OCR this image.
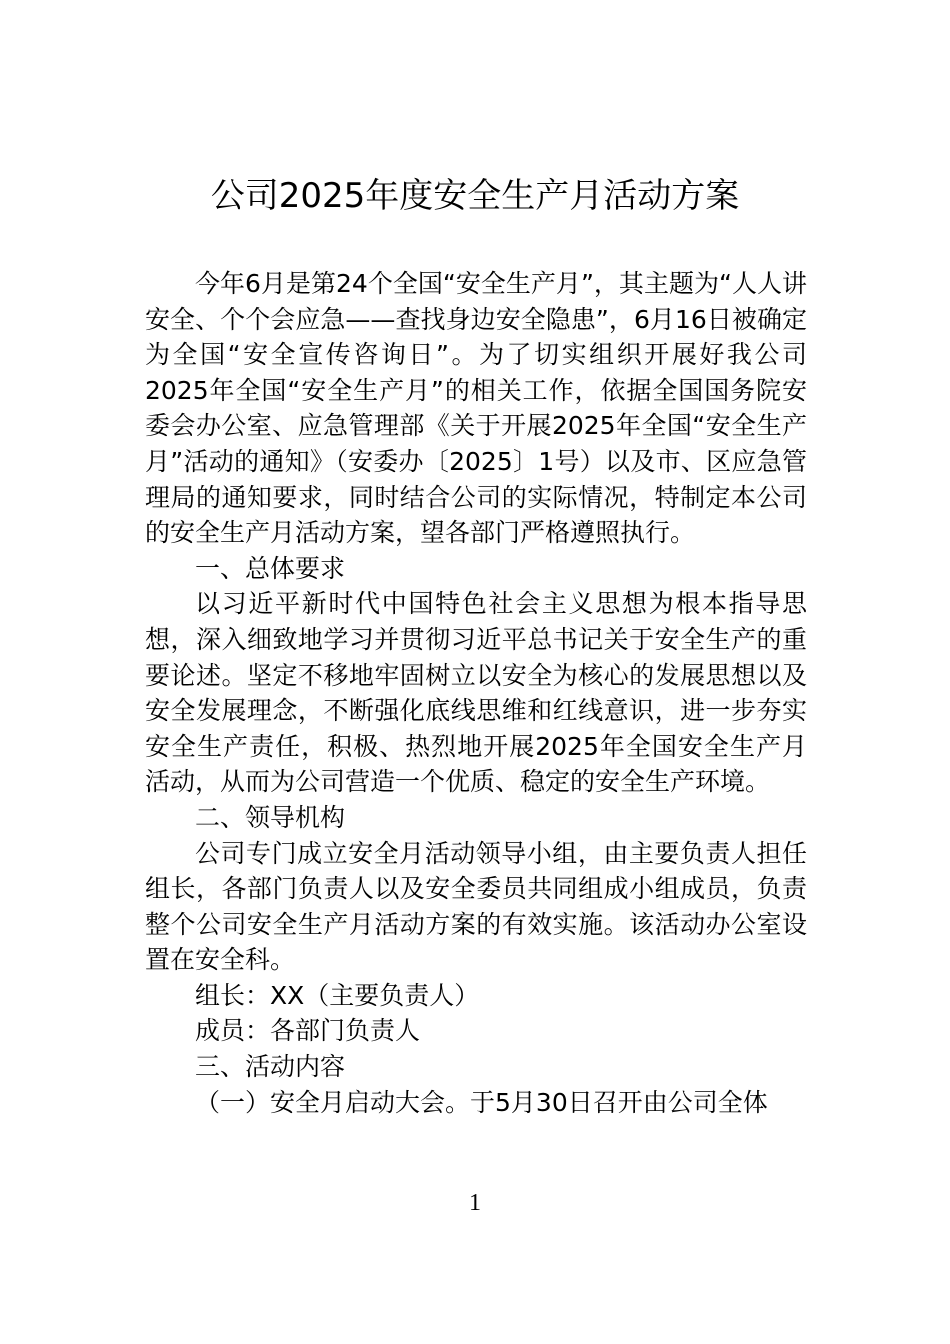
公司2025年度安全生产月活动方案

今年6月是第24个全国“安全生产月”，其主题为“人人讲安全、个个会应急——查找身边安全隐患”，6月16日被确定为全国“安全宣传咨询日”。为了切实组织开展好我公司2025年全国“安全生产月”的相关工作，依据全国国务院安委会办公室、应急管理部《关于开展2025年全国“安全生产月”活动的通知》（安委办〔2025〕1号）以及市、区应急管理局的通知要求，同时结合公司的实际情况，特制定本公司的安全生产月活动方案，望各部门严格遵照执行。

一、总体要求

以习近平新时代中国特色社会主义思想为根本指导思想，深入细致地学习并贯彻习近平总书记关于安全生产的重要论述。坚定不移地牢固树立以安全为核心的发展思想以及安全发展理念，不断强化底线思维和红线意识，进一步夯实安全生产责任，积极、热烈地开展2025年全国安全生产月活动，从而为公司营造一个优质、稳定的安全生产环境。

二、领导机构

公司专门成立安全月活动领导小组，由主要负责人担任组长，各部门负责人以及安全委员共同组成小组成员，负责整个公司安全生产月活动方案的有效实施。该活动办公室设置在安全科。

组长：XX（主要负责人）

成员：各部门负责人

三、活动内容

（一）安全月启动大会。于5月30日召开由公司全体

1
